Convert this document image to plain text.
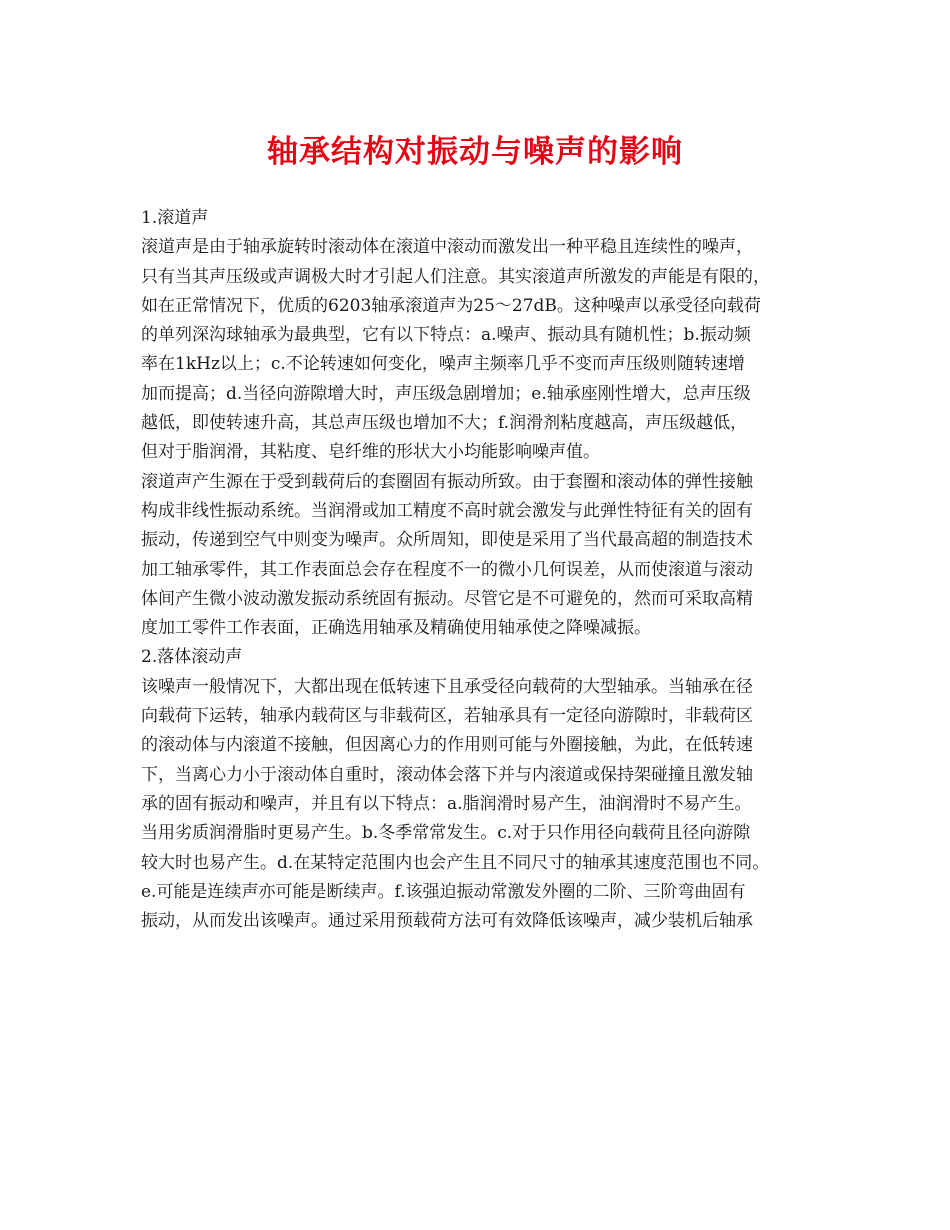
轴承结构对振动与噪声的影响
1.滚道声
滚道声是由于轴承旋转时滚动体在滚道中滚动而激发出一种平稳且连续性的噪声，
只有当其声压级或声调极大时才引起人们注意。其实滚道声所激发的声能是有限的，
如在正常情况下，优质的6203轴承滚道声为25～27dB。这种噪声以承受径向载荷
的单列深沟球轴承为最典型，它有以下特点：a.噪声、振动具有随机性；b.振动频
率在1kHz以上；c.不论转速如何变化，噪声主频率几乎不变而声压级则随转速增
加而提高；d.当径向游隙增大时，声压级急剧增加；e.轴承座刚性增大，总声压级
越低，即使转速升高，其总声压级也增加不大；f.润滑剂粘度越高，声压级越低，
但对于脂润滑，其粘度、皂纤维的形状大小均能影响噪声值。
滚道声产生源在于受到载荷后的套圈固有振动所致。由于套圈和滚动体的弹性接触
构成非线性振动系统。当润滑或加工精度不高时就会激发与此弹性特征有关的固有
振动，传递到空气中则变为噪声。众所周知，即使是采用了当代最高超的制造技术
加工轴承零件，其工作表面总会存在程度不一的微小几何误差，从而使滚道与滚动
体间产生微小波动激发振动系统固有振动。尽管它是不可避免的，然而可采取高精
度加工零件工作表面，正确选用轴承及精确使用轴承使之降噪减振。
2.落体滚动声
该噪声一般情况下，大都出现在低转速下且承受径向载荷的大型轴承。当轴承在径
向载荷下运转，轴承内载荷区与非载荷区，若轴承具有一定径向游隙时，非载荷区
的滚动体与内滚道不接触，但因离心力的作用则可能与外圈接触，为此，在低转速
下，当离心力小于滚动体自重时，滚动体会落下并与内滚道或保持架碰撞且激发轴
承的固有振动和噪声，并且有以下特点：a.脂润滑时易产生，油润滑时不易产生。
当用劣质润滑脂时更易产生。b.冬季常常发生。c.对于只作用径向载荷且径向游隙
较大时也易产生。d.在某特定范围内也会产生且不同尺寸的轴承其速度范围也不同。
e.可能是连续声亦可能是断续声。f.该强迫振动常激发外圈的二阶、三阶弯曲固有
振动，从而发出该噪声。通过采用预载荷方法可有效降低该噪声，减少装机后轴承
